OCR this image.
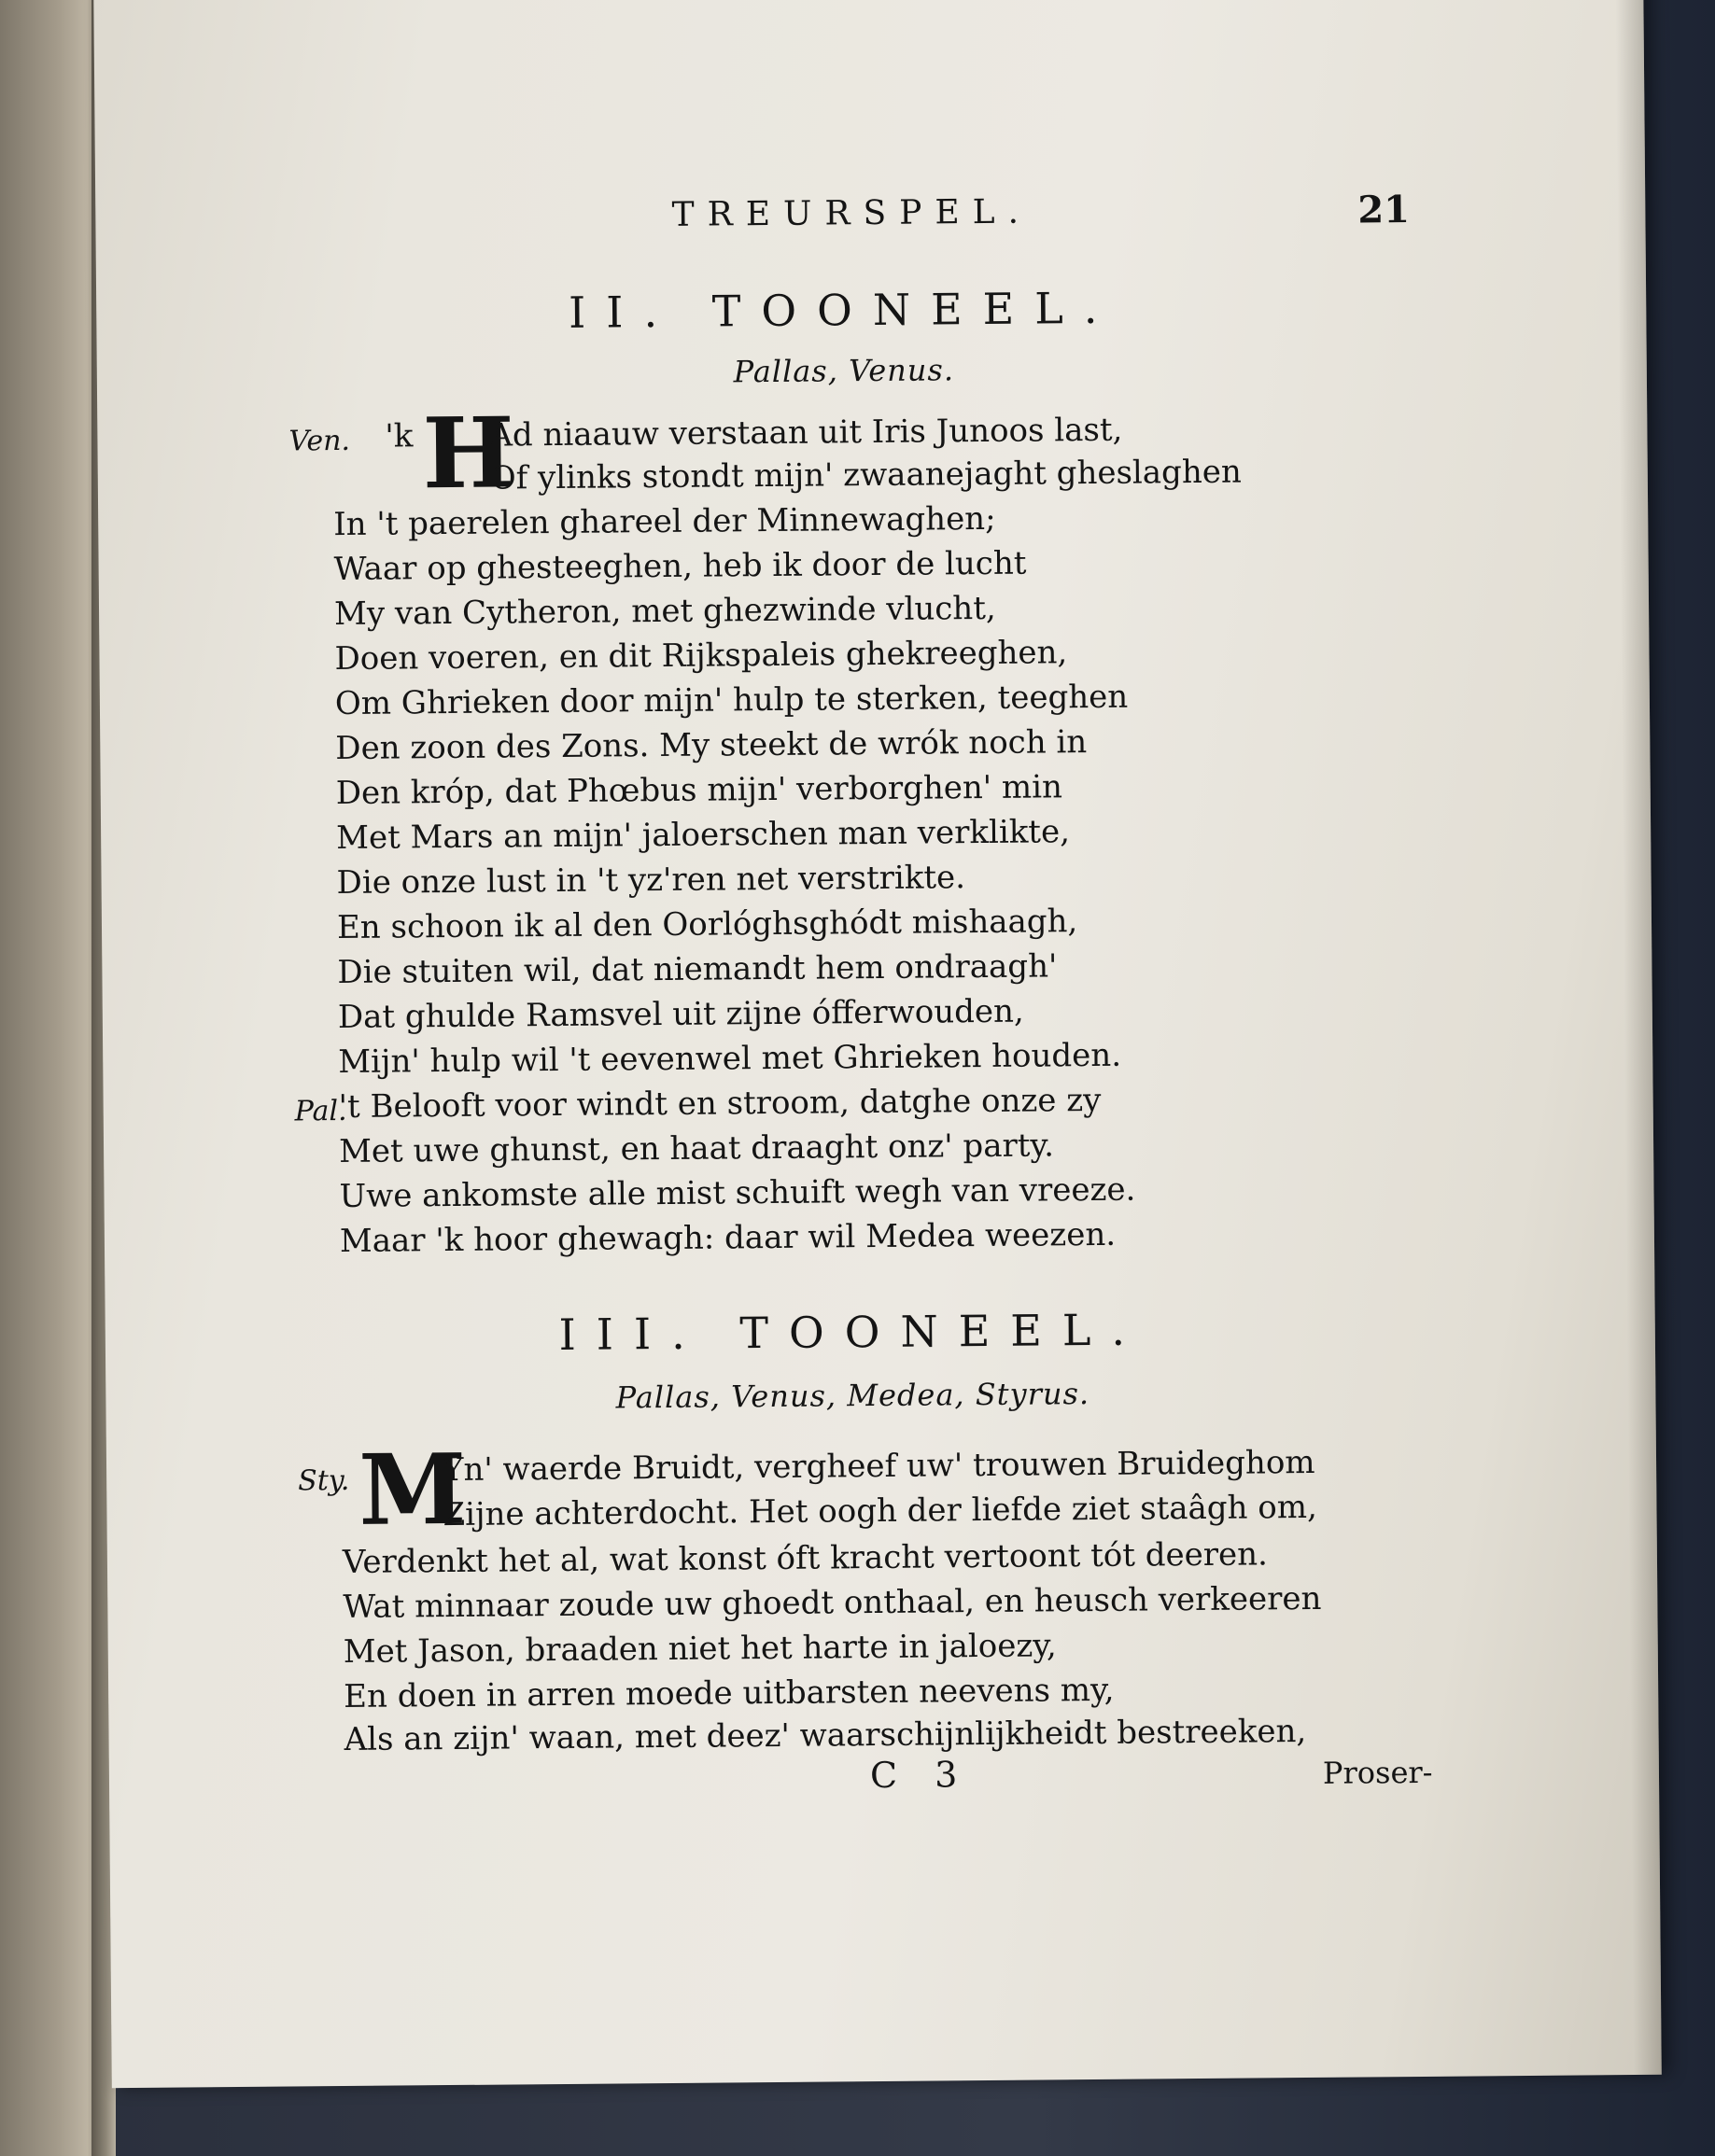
TREURSPEL.	21
II. TOONEEL.
Pallas, Venus.
Ven. 'k H
Ad niaauw verstaan uit Iris Junoos last,
Of ylinks stondt mijn' zwaanejaght gheslaghen
In 't paerelen ghareel der Minnewaghen;
Waar op ghesteeghen, heb ik door de lucht
My van Cytheron, met ghezwinde vlucht,
Doen voeren, en dit Rijkspaleis ghekreeghen,
Om Ghrieken door mijn' hulp te sterken, teeghen
Den zoon des Zons. My steekt de wrók noch in
Den króp, dat Phœbus mijn' verborghen' min
Met Mars an mijn' jaloerschen man verklikte,
Die onze lust in 't yz'ren net verstrikte.
En schoon ik al den Oorlóghsghódt mishaagh,
Die stuiten wil, dat niemandt hem ondraagh'
Dat ghulde Ramsvel uit zijne ófferwouden,
Mijn' hulp wil 't eevenwel met Ghrieken houden.
Pal.
't Belooft voor windt en stroom, datghe onze zy
Met uwe ghunst, en haat draaght onz' party.
Uwe ankomste alle mist schuift wegh van vreeze.
Maar 'k hoor ghewagh: daar wil Medea weezen.
III. TOONEEL.
Pallas, Venus, Medea, Styrus.
Sty. M
Yn' waerde Bruidt, vergheef uw' trouwen Bruideghom
Zijne achterdocht. Het oogh der liefde ziet staâgh om,
Verdenkt het al, wat konst óft kracht vertoont tót deeren.
Wat minnaar zoude uw ghoedt onthaal, en heusch verkeeren
Met Jason, braaden niet het harte in jaloezy,
En doen in arren moede uitbarsten neevens my,
Als an zijn' waan, met deez' waarschijnlijkheidt bestreeken,
C 3	Proser-
